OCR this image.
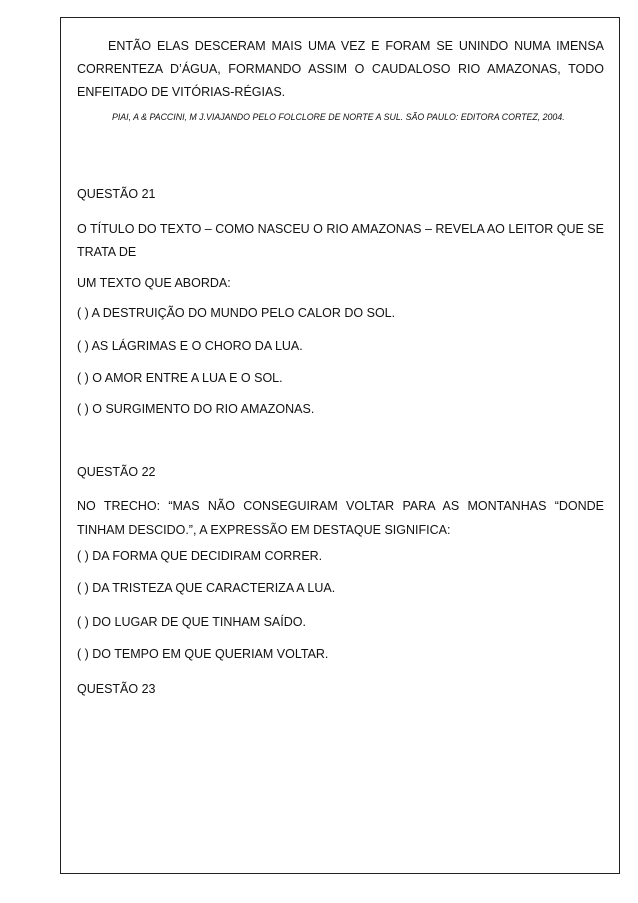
ENTÃO ELAS DESCERAM MAIS UMA VEZ E FORAM SE UNINDO NUMA IMENSA CORRENTEZA D’ÁGUA, FORMANDO ASSIM O CAUDALOSO RIO AMAZONAS, TODO ENFEITADO DE VITÓRIAS-RÉGIAS.
PIAI, A & PACCINI, M J.VIAJANDO PELO FOLCLORE DE NORTE A SUL. SÃO PAULO: EDITORA CORTEZ, 2004.
QUESTÃO 21
O TÍTULO DO TEXTO – COMO NASCEU O RIO AMAZONAS – REVELA AO LEITOR QUE SE TRATA DE
UM TEXTO QUE ABORDA:
( ) A DESTRUIÇÃO DO MUNDO PELO CALOR DO SOL.
( ) AS LÁGRIMAS E O CHORO DA LUA.
( ) O AMOR ENTRE A LUA E O SOL.
( ) O SURGIMENTO DO RIO AMAZONAS.
QUESTÃO 22
NO TRECHO: “MAS NÃO CONSEGUIRAM VOLTAR PARA AS MONTANHAS “DONDE TINHAM DESCIDO.”, A EXPRESSÃO EM DESTAQUE SIGNIFICA:
( ) DA FORMA QUE DECIDIRAM CORRER.
( ) DA TRISTEZA QUE CARACTERIZA A LUA.
( ) DO LUGAR DE QUE TINHAM SAÍDO.
( ) DO TEMPO EM QUE QUERIAM VOLTAR.
QUESTÃO 23
